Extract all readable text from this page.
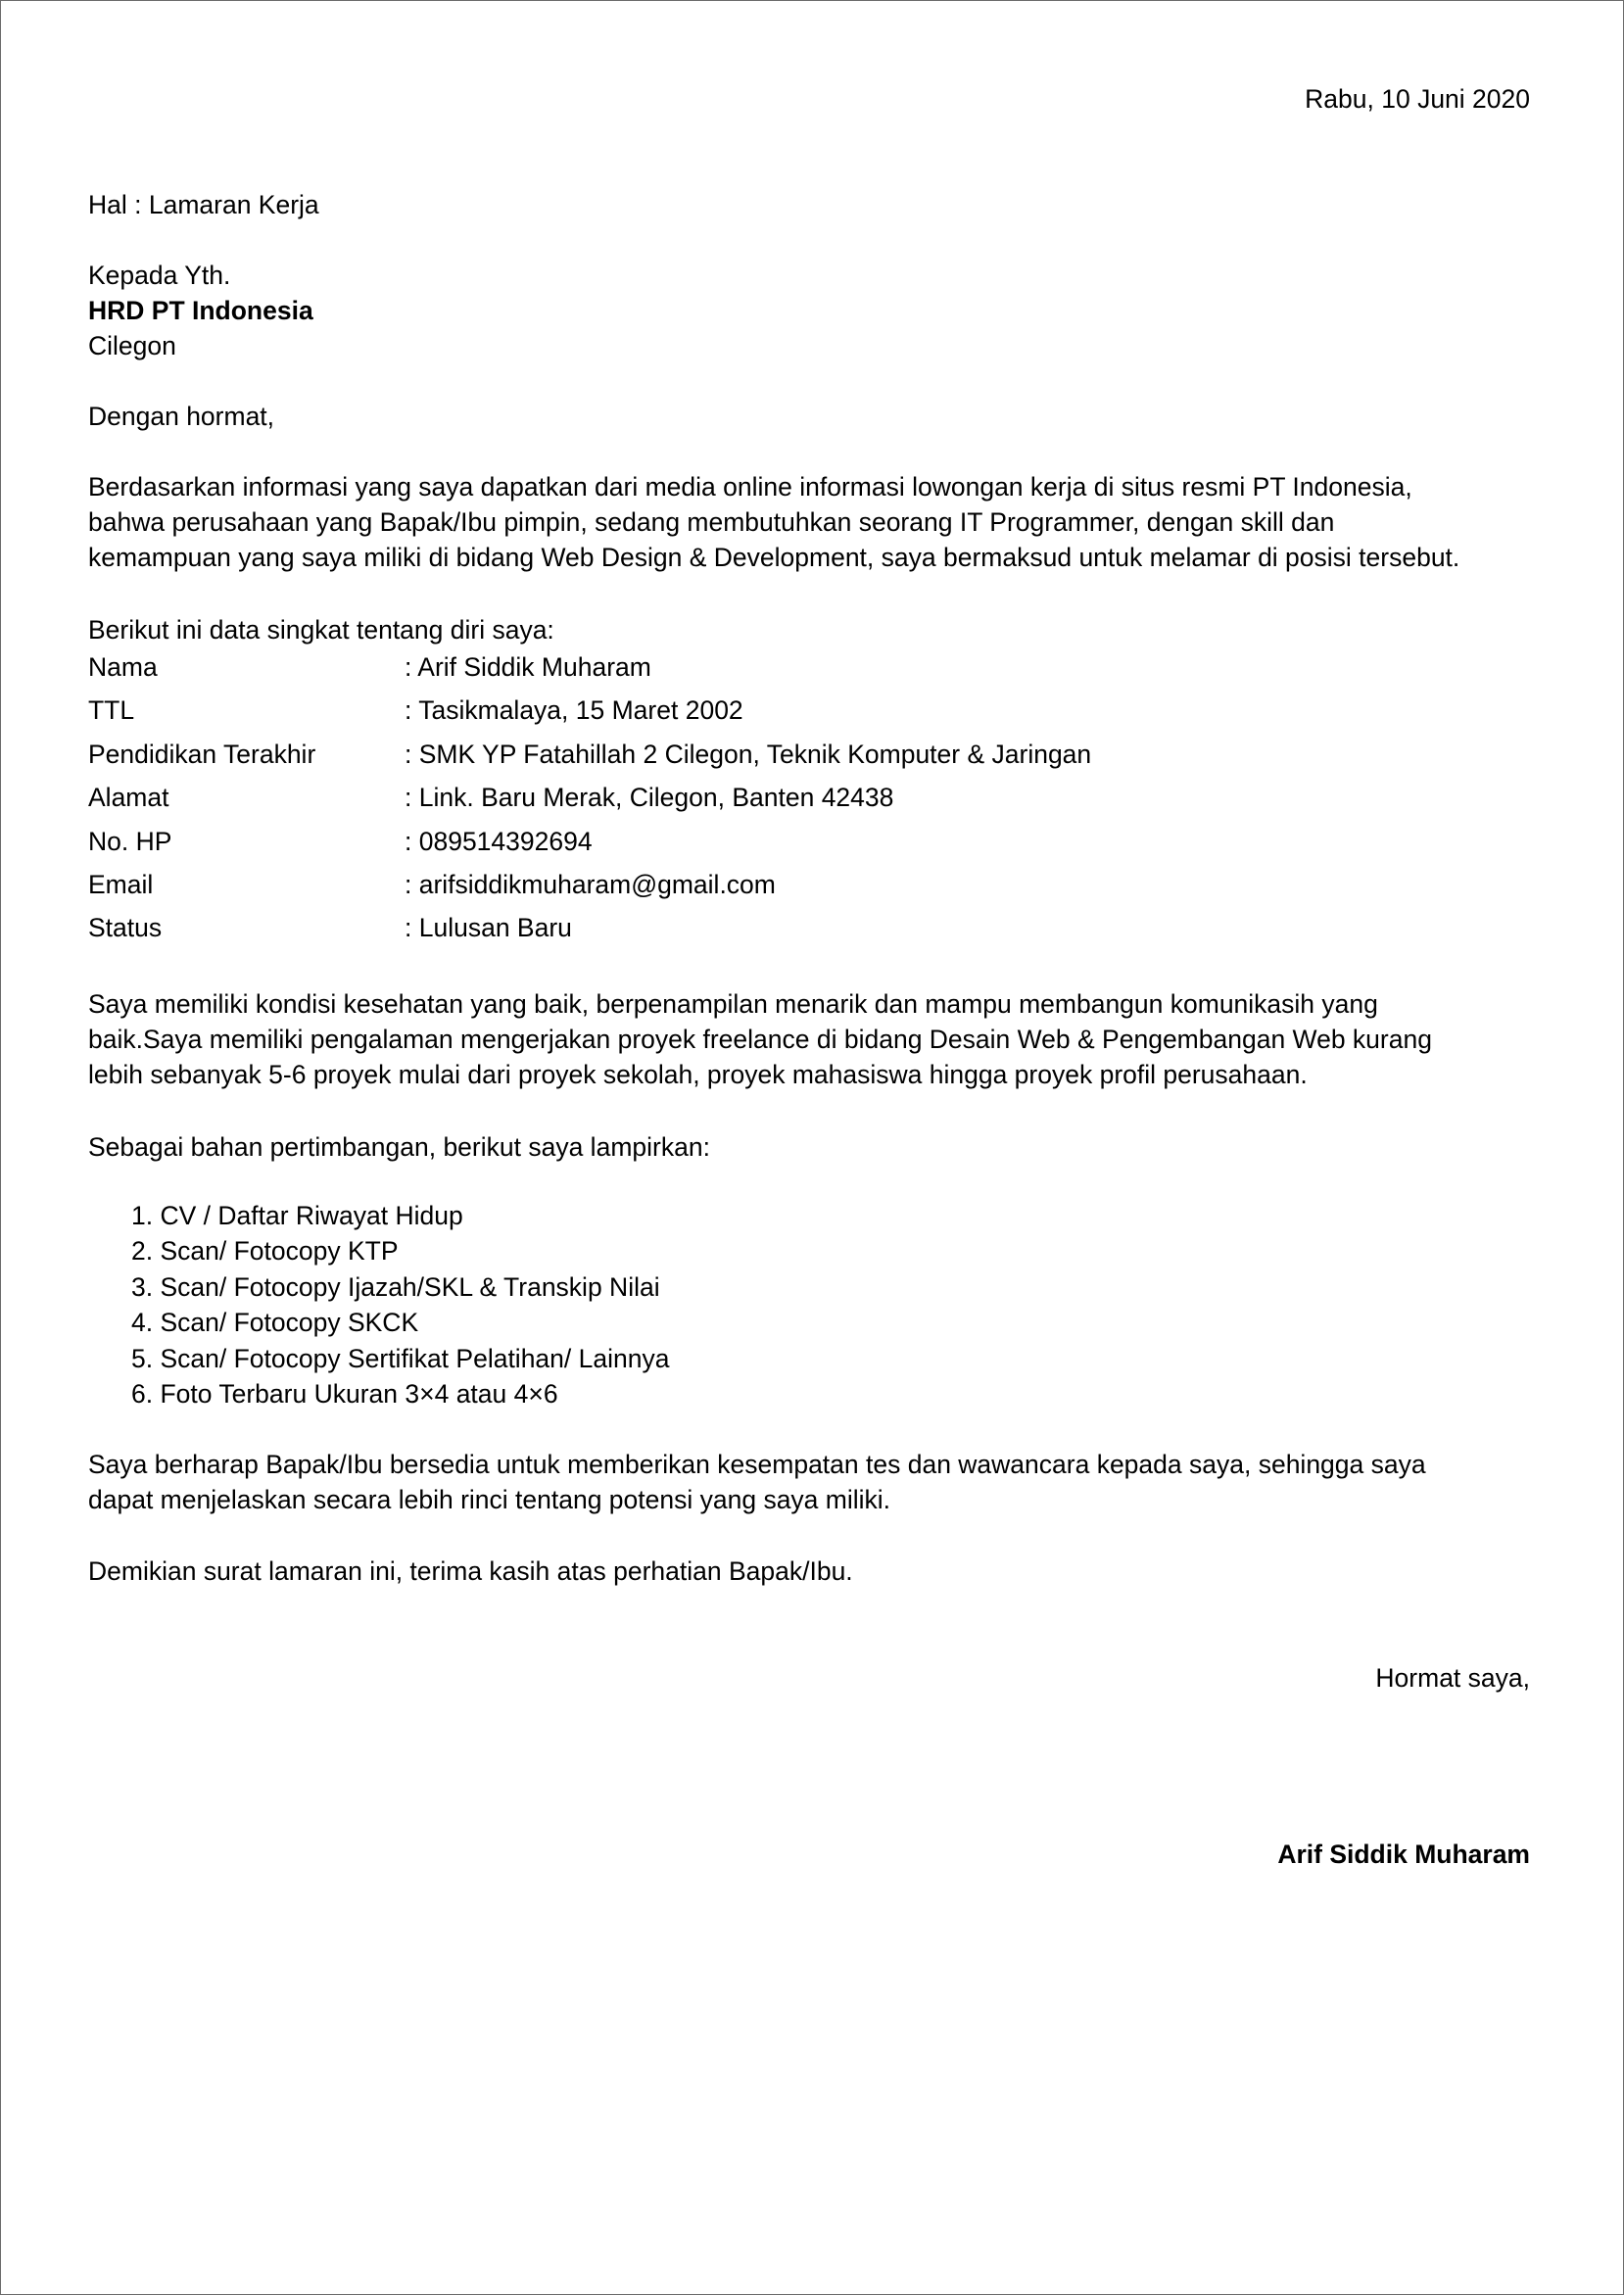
Rabu, 10 Juni 2020
Hal : Lamaran Kerja
Kepada Yth.
HRD PT Indonesia
Cilegon
Dengan hormat,
Berdasarkan informasi yang saya dapatkan dari media online informasi lowongan kerja di situs resmi PT Indonesia,
bahwa perusahaan yang Bapak/Ibu pimpin, sedang membutuhkan seorang IT Programmer, dengan skill dan
kemampuan yang saya miliki di bidang Web Design & Development, saya bermaksud untuk melamar di posisi tersebut.
Berikut ini data singkat tentang diri saya:
Nama	: Arif Siddik Muharam
TTL	: Tasikmalaya, 15 Maret 2002
Pendidikan Terakhir	: SMK YP Fatahillah 2 Cilegon, Teknik Komputer & Jaringan
Alamat	: Link. Baru Merak, Cilegon, Banten 42438
No. HP	: 089514392694
Email	: arifsiddikmuharam@gmail.com
Status	: Lulusan Baru
Saya memiliki kondisi kesehatan yang baik, berpenampilan menarik dan mampu membangun komunikasih yang
baik.Saya memiliki pengalaman mengerjakan proyek freelance di bidang Desain Web & Pengembangan Web kurang
lebih sebanyak 5-6 proyek mulai dari proyek sekolah, proyek mahasiswa hingga proyek profil perusahaan.
Sebagai bahan pertimbangan, berikut saya lampirkan:
1. CV / Daftar Riwayat Hidup
2. Scan/ Fotocopy KTP
3. Scan/ Fotocopy Ijazah/SKL & Transkip Nilai
4. Scan/ Fotocopy SKCK
5. Scan/ Fotocopy Sertifikat Pelatihan/ Lainnya
6. Foto Terbaru Ukuran 3×4 atau 4×6
Saya berharap Bapak/Ibu bersedia untuk memberikan kesempatan tes dan wawancara kepada saya, sehingga saya
dapat menjelaskan secara lebih rinci tentang potensi yang saya miliki.
Demikian surat lamaran ini, terima kasih atas perhatian Bapak/Ibu.
Hormat saya,
Arif Siddik Muharam
